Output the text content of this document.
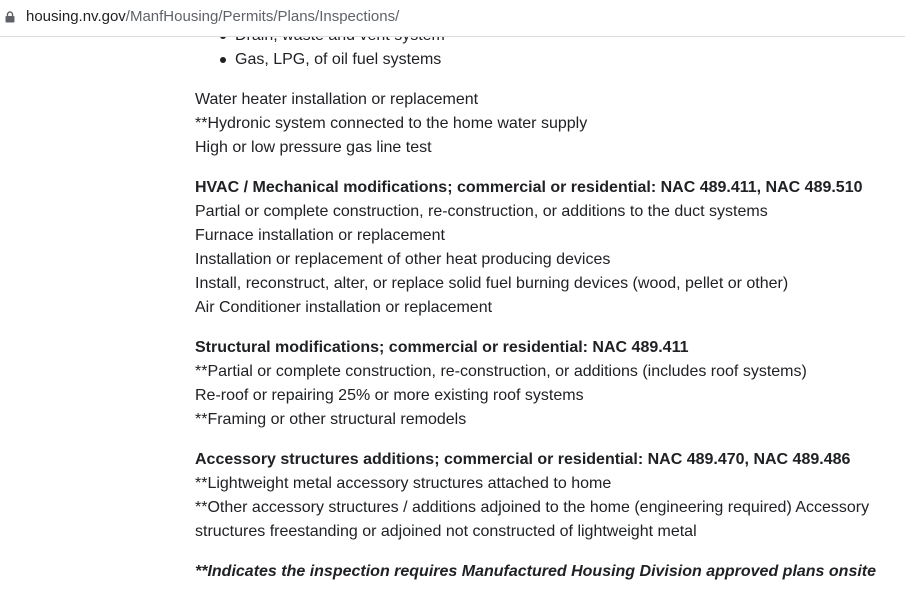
housing.nv.gov/ManfHousing/Permits/Plans/Inspections/
Gas, LPG, of oil fuel systems
Water heater installation or replacement
**Hydronic system connected to the home water supply
High or low pressure gas line test
HVAC / Mechanical modifications; commercial or residential: NAC 489.411, NAC 489.510
Partial or complete construction, re-construction, or additions to the duct systems
Furnace installation or replacement
Installation or replacement of other heat producing devices
Install, reconstruct, alter, or replace solid fuel burning devices (wood, pellet or other)
Air Conditioner installation or replacement
Structural modifications; commercial or residential: NAC 489.411
**Partial or complete construction, re-construction, or additions (includes roof systems)
Re-roof or repairing 25% or more existing roof systems
**Framing or other structural remodels
Accessory structures additions; commercial or residential: NAC 489.470, NAC 489.486
**Lightweight metal accessory structures attached to home
**Other accessory structures / additions adjoined to the home (engineering required) Accessory structures freestanding or adjoined not constructed of lightweight metal
**Indicates the inspection requires Manufactured Housing Division approved plans onsite
